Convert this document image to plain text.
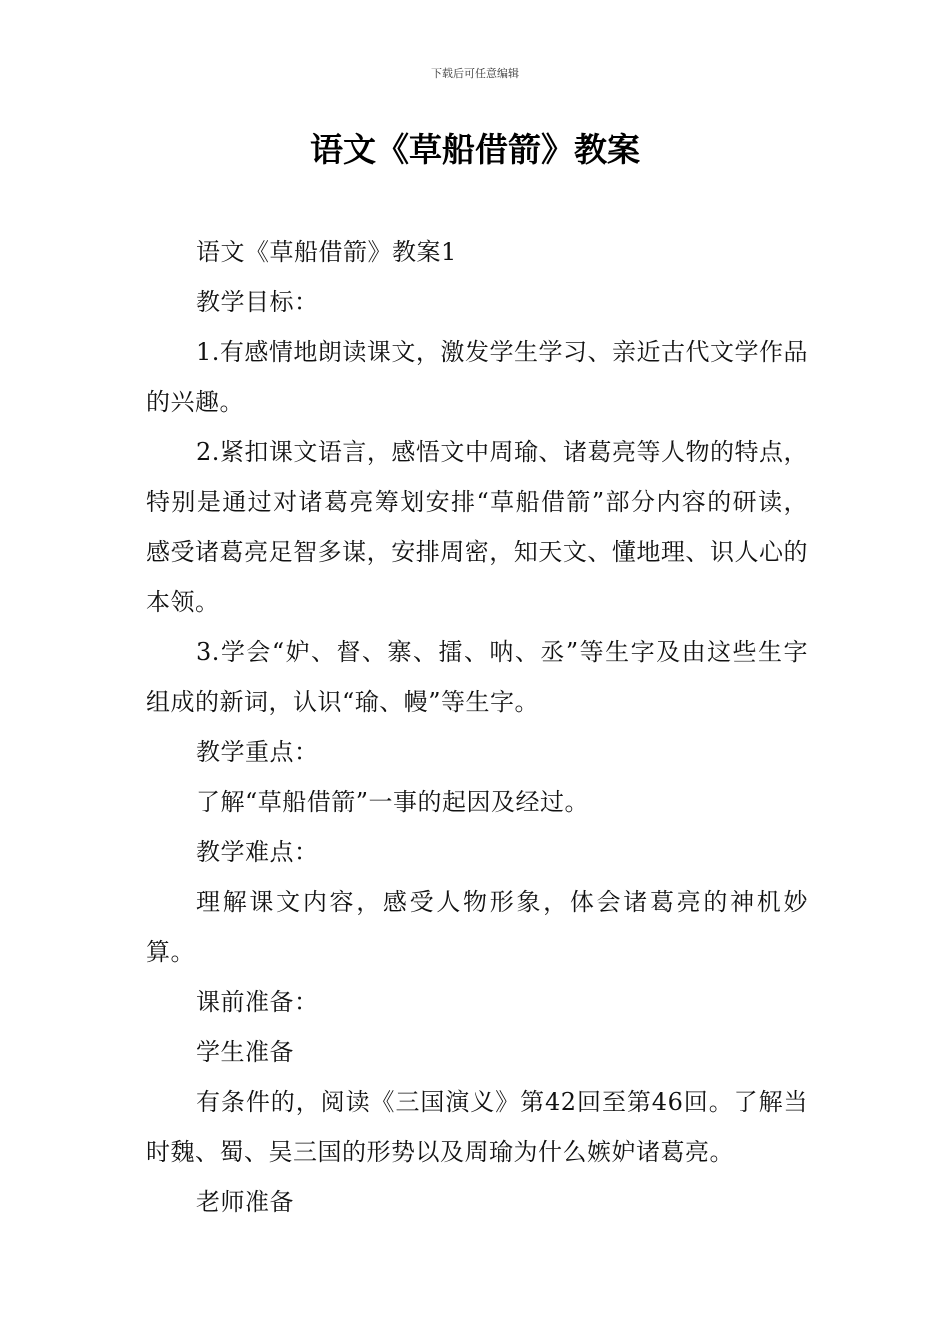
下载后可任意编辑
语文《草船借箭》教案

语文《草船借箭》教案1

教学目标：

1.有感情地朗读课文，激发学生学习、亲近古代文学作品的兴趣。

2.紧扣课文语言，感悟文中周瑜、诸葛亮等人物的特点，特别是通过对诸葛亮筹划安排“草船借箭”部分内容的研读，感受诸葛亮足智多谋，安排周密，知天文、懂地理、识人心的本领。

3.学会“妒、督、寨、擂、呐、丞”等生字及由这些生字组成的新词，认识“瑜、幔”等生字。

教学重点：

了解“草船借箭”一事的起因及经过。

教学难点：

理解课文内容，感受人物形象，体会诸葛亮的神机妙算。

课前准备：

学生准备

有条件的，阅读《三国演义》第42回至第46回。了解当时魏、蜀、吴三国的形势以及周瑜为什么嫉妒诸葛亮。

老师准备
